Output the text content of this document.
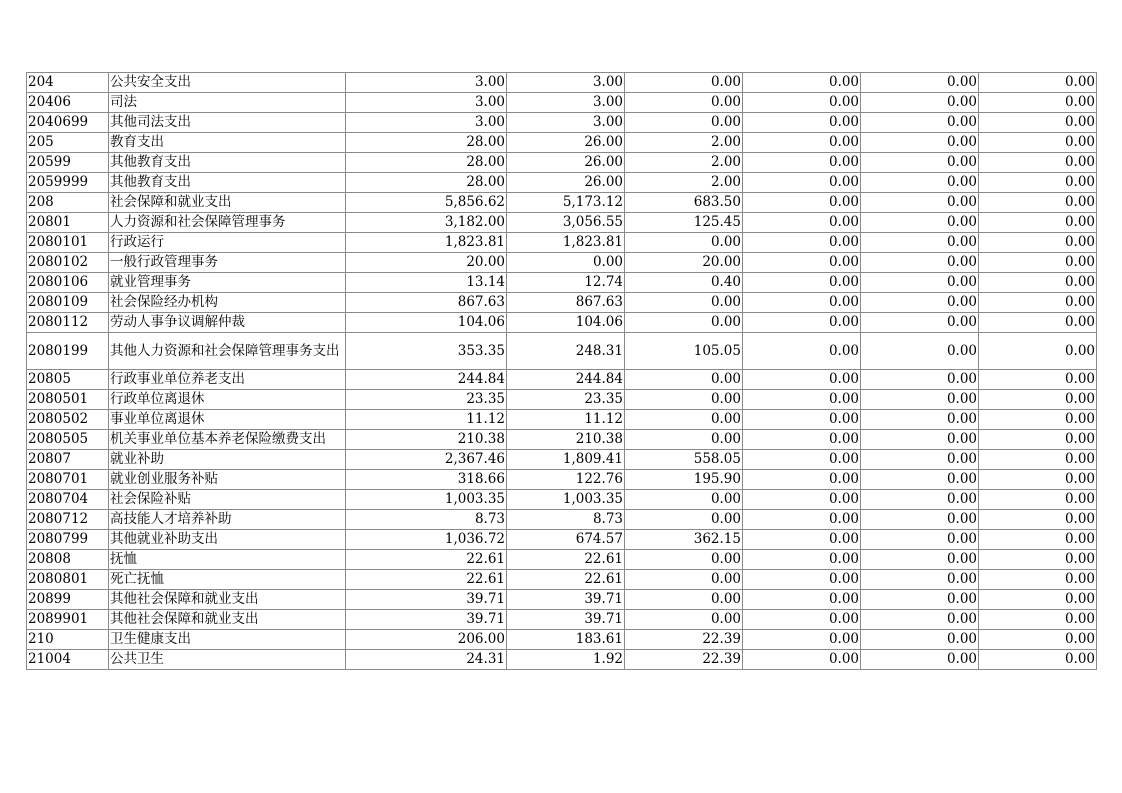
204	公共安全支出	3.00	3.00	0.00	0.00	0.00	0.00
20406	司法	3.00	3.00	0.00	0.00	0.00	0.00
2040699	其他司法支出	3.00	3.00	0.00	0.00	0.00	0.00
205	教育支出	28.00	26.00	2.00	0.00	0.00	0.00
20599	其他教育支出	28.00	26.00	2.00	0.00	0.00	0.00
2059999	其他教育支出	28.00	26.00	2.00	0.00	0.00	0.00
208	社会保障和就业支出	5,856.62	5,173.12	683.50	0.00	0.00	0.00
20801	人力资源和社会保障管理事务	3,182.00	3,056.55	125.45	0.00	0.00	0.00
2080101	行政运行	1,823.81	1,823.81	0.00	0.00	0.00	0.00
2080102	一般行政管理事务	20.00	0.00	20.00	0.00	0.00	0.00
2080106	就业管理事务	13.14	12.74	0.40	0.00	0.00	0.00
2080109	社会保险经办机构	867.63	867.63	0.00	0.00	0.00	0.00
2080112	劳动人事争议调解仲裁	104.06	104.06	0.00	0.00	0.00	0.00
2080199	其他人力资源和社会保障管理事务支出	353.35	248.31	105.05	0.00	0.00	0.00
20805	行政事业单位养老支出	244.84	244.84	0.00	0.00	0.00	0.00
2080501	行政单位离退休	23.35	23.35	0.00	0.00	0.00	0.00
2080502	事业单位离退休	11.12	11.12	0.00	0.00	0.00	0.00
2080505	机关事业单位基本养老保险缴费支出	210.38	210.38	0.00	0.00	0.00	0.00
20807	就业补助	2,367.46	1,809.41	558.05	0.00	0.00	0.00
2080701	就业创业服务补贴	318.66	122.76	195.90	0.00	0.00	0.00
2080704	社会保险补贴	1,003.35	1,003.35	0.00	0.00	0.00	0.00
2080712	高技能人才培养补助	8.73	8.73	0.00	0.00	0.00	0.00
2080799	其他就业补助支出	1,036.72	674.57	362.15	0.00	0.00	0.00
20808	抚恤	22.61	22.61	0.00	0.00	0.00	0.00
2080801	死亡抚恤	22.61	22.61	0.00	0.00	0.00	0.00
20899	其他社会保障和就业支出	39.71	39.71	0.00	0.00	0.00	0.00
2089901	其他社会保障和就业支出	39.71	39.71	0.00	0.00	0.00	0.00
210	卫生健康支出	206.00	183.61	22.39	0.00	0.00	0.00
21004	公共卫生	24.31	1.92	22.39	0.00	0.00	0.00
